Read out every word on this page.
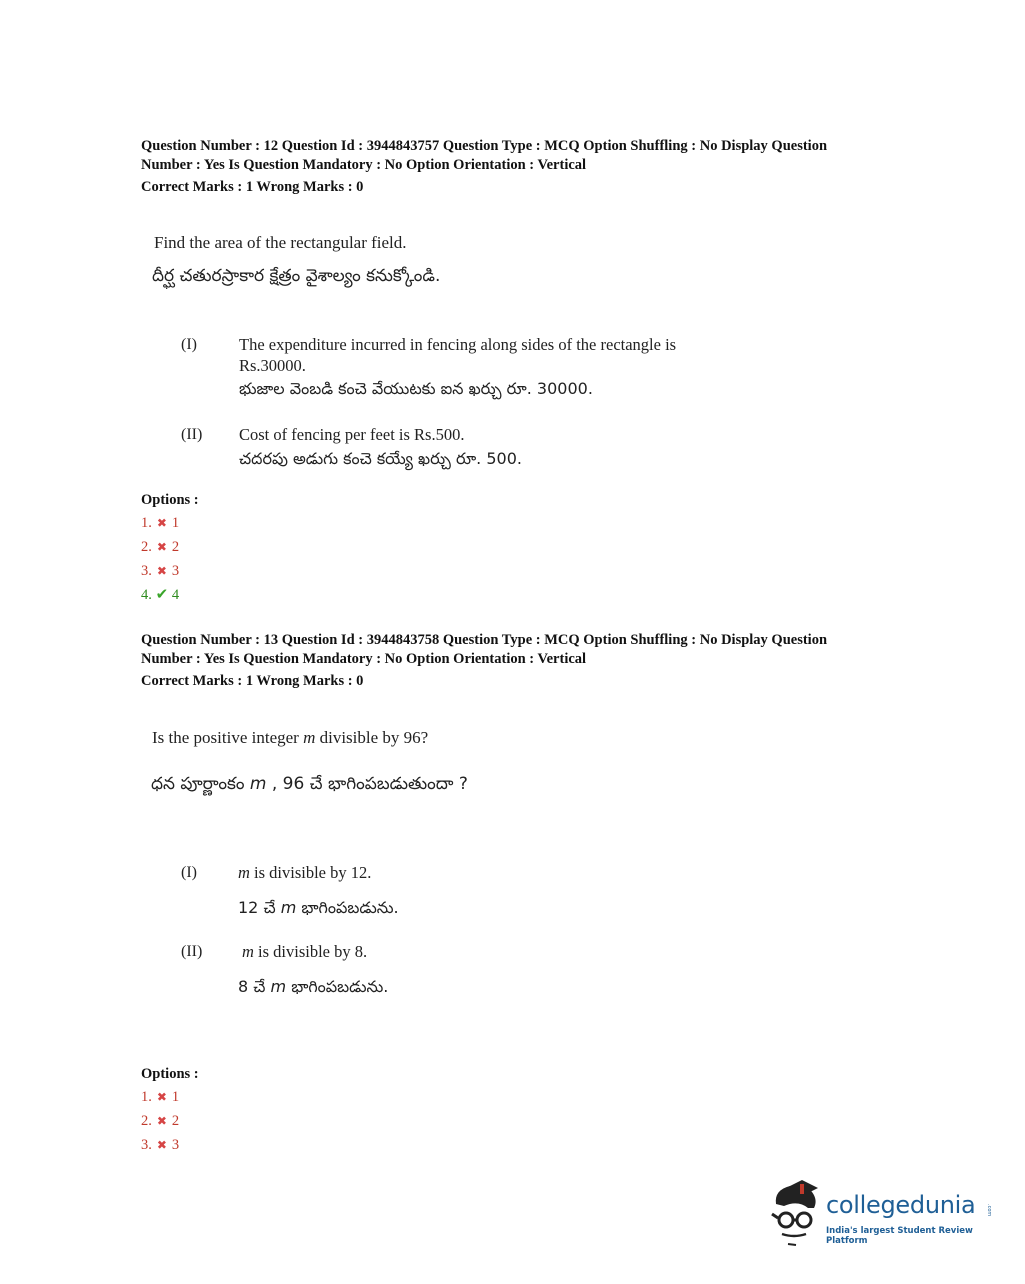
Question Number : 12 Question Id : 3944843757 Question Type : MCQ Option Shuffling : No Display Question
Number : Yes Is Question Mandatory : No Option Orientation : Vertical
Correct Marks : 1 Wrong Marks : 0
Find the area of the rectangular field.
దీర్ఘ చతురస్రాకార క్షేత్రం వైశాల్యం కనుక్కోండి.
(I)	The expenditure incurred in fencing along sides of the rectangle is
Rs.30000.
భుజాల వెంబడి కంచె వేయుటకు ఐన ఖర్చు రూ. 30000.
(II) Cost of fencing per feet is Rs.500.
చదరపు అడుగు కంచె కయ్యే ఖర్చు రూ. 500.
Options :
1. ✖ 1
2. ✖ 2
3. ✖ 3
4. ✔ 4
Question Number : 13 Question Id : 3944843758 Question Type : MCQ Option Shuffling : No Display Question
Number : Yes Is Question Mandatory : No Option Orientation : Vertical
Correct Marks : 1 Wrong Marks : 0
Is the positive integer m divisible by 96?
ధన పూర్ణాంకం m , 96 చే భాగింపబడుతుందా ?
(I) m is divisible by 12.
12 చే m భాగింపబడును.
(II) m is divisible by 8.
8 చే m భాగింపబడును.
Options :
1. ✖ 1
2. ✖ 2
3. ✖ 3
collegedunia .com
India's largest Student Review Platform
